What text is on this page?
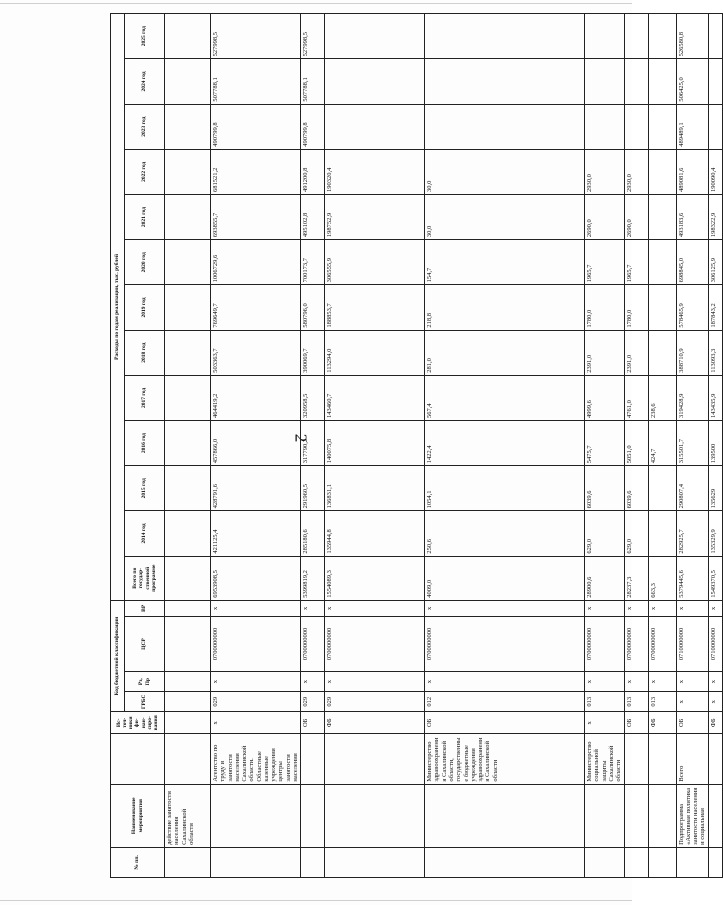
2
№ пп.	Наименование мероприятия		Ис-точ-ники фи-нан-сиро-вания	Код бюджетной классификации				Расходы по годам реализации, тыс. рублей												
				ГРБС	Рз, Пр	ЦСР	ВР	Всего по государ-ственной программе	2014 год	2015 год	2016 год	2017 год	2018 год	2019 год	2020 год	2021 год	2022 год	2023 год	2024 год	2025 год
	действие занятости населения Сахалинской области																			
		Агентство по труду и занятости населения Сахалинской области. Областные казенные учреждения центры занятости населения	х	029	х	0700000000	х	6953908,5	421125,4	428791,6	457866,0	464419,2	503363,7	769649,7	1006729,6	693855,7	681521,2	490799,8	507788,1	527998,5
			ОБ	029	х	0700000000	х	5399819,2	285180,6	291960,5	317790,2	320958,5	390069,7	580796,0	700173,7	495102,8	491200,8	490799,8	507788,1	527998,5
			ФБ	029	х	0700000000	х	1554089,3	135944,8	136831,1	140075,8	143460,7	113294,0	188853,7	306555,9	198752,9	190320,4			
		Министерство здравоохранения Сахалинской области, государственные бюджетные учреждения здравоохранения Сахалинской области	ОБ	012	х	0700000000	х	4009,0	250,6	1054,1	1422,4	567,4	281,0	218,8	154,7	30,0	30,0			
		Министерство социальной защиты Сахалинской области	х	013	х	0700000000	х	28900,6	629,0	6039,6	5475,7	4999,6	2391,0	1780,0	1965,7	2690,0	2930,0			
			ОБ	013	х	0700000000	х	28237,3	629,0	6039,6	5051,0	4761,0	2391,0	1780,0	1965,7	2690,0	2930,0			
			ФБ	013	х	0700000000	х	663,3			424,7	238,6								
	Подпрограмма «Активная политика занятости населения и социальная	Всего	ОБ	х	х	0710000000	х	5379445,6	282925,7	290807,4	315501,7	319428,9	388710,9	578465,9	698845,0	493183,6	489081,6	489489,1	506425,0	526580,8
			ФБ	х	х	0710000000	х	1549370,5	135329,9	135629	139500	143435,9	113093,3	187843,2	306125,9	198322,9	190090,4			
